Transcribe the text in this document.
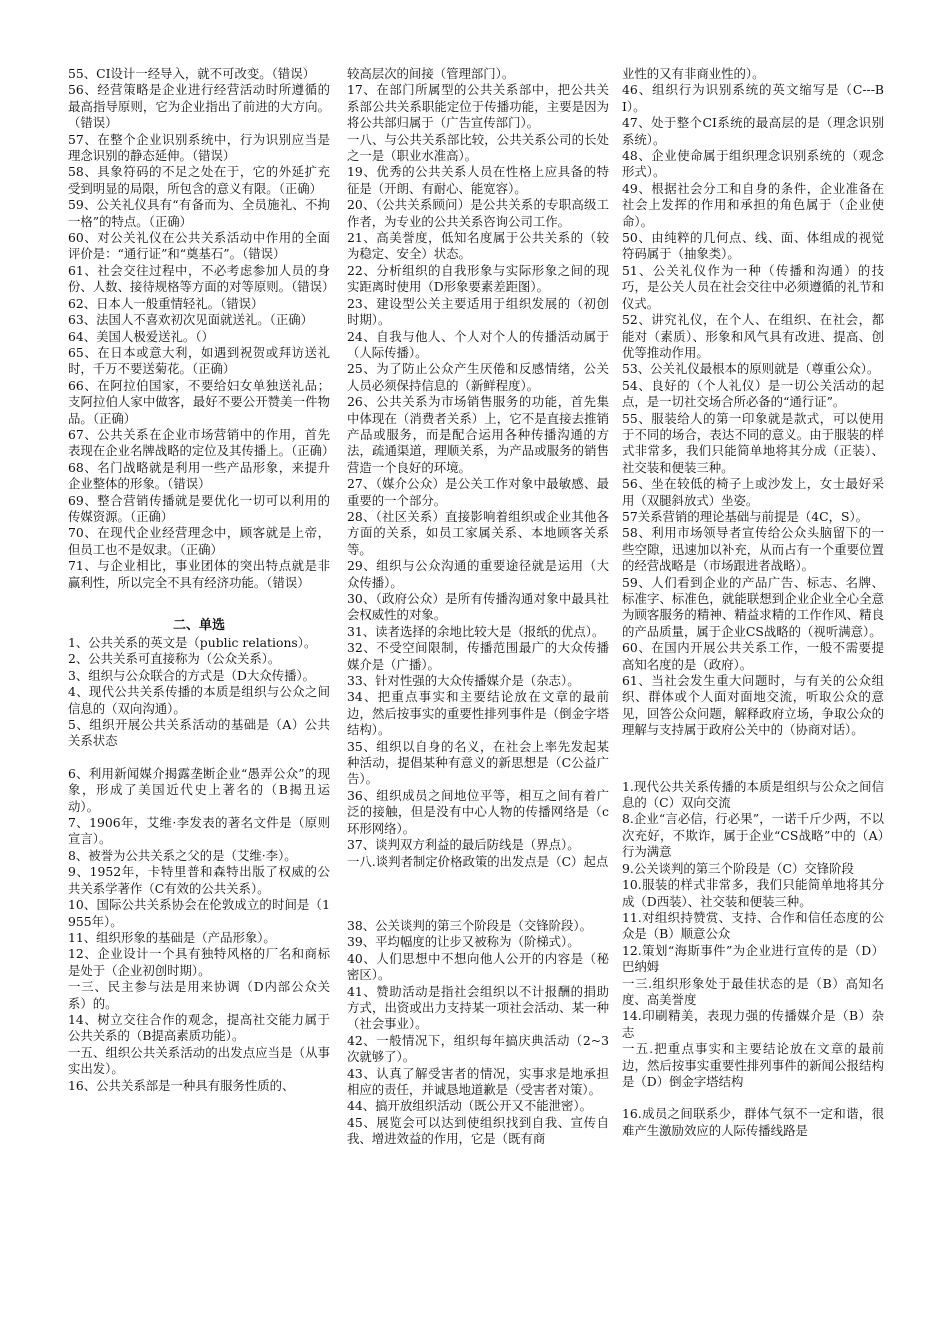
55、CI设计一经导入，就不可改变。（错误）

56、经营策略是企业进行经营活动时所遵循的最高指导原则，它为企业指出了前进的大方向。（错误）

57、在整个企业识别系统中，行为识别应当是理念识别的静态延伸。（错误）

58、具象符码的不足之处在于，它的外延扩充受到明显的局限，所包含的意义有限。（正确）

59、公关礼仪具有“有备而为、全员施礼、不拘一格”的特点。（正确）

60、对公关礼仪在公共关系活动中作用的全面评价是：“通行证”和“奠基石”。（错误）

61、社会交往过程中，不必考虑参加人员的身份、人数、接待规格等方面的对等原则。（错误）

62、日本人一般重情轻礼。（错误）

63、法国人不喜欢初次见面就送礼。（正确）

64、美国人极爱送礼。（）

65、在日本或意大利，如遇到祝贺或拜访送礼时，千万不要送菊花。（正确）

66、在阿拉伯国家，不要给妇女单独送礼品；支阿拉伯人家中做客，最好不要公开赞美一件物品。（正确）

67、公共关系在企业市场营销中的作用，首先表现在企业名牌战略的定位及其传播上。（正确）

68、名门战略就是利用一些产品形象，来提升企业整体的形象。（错误）

69、整合营销传播就是要优化一切可以利用的传媒资源。（正确）

70、在现代企业经营理念中，顾客就是上帝，但员工也不是奴隶。（正确）

71、与企业相比，事业团体的突出特点就是非赢利性，所以完全不具有经济功能。（错误）

二、单选

1、公共关系的英文是（public relations）。

2、公共关系可直接称为（公众关系）。

3、组织与公众联合的方式是（D大众传播）。

4、现代公共关系传播的本质是组织与公众之间信息的（双向沟通）。

5、组织开展公共关系活动的基础是（A）公共关系状态

6、利用新闻媒介揭露垄断企业“愚弄公众”的现象，形成了美国近代史上著名的（B揭丑运动）。

7、1906年，艾维·李发表的著名文件是（原则宣言）。

8、被誉为公共关系之父的是（艾维·李）。

9、1952年，卡特里普和森特出版了权威的公共关系学著作（C有效的公共关系）。

10、国际公共关系协会在伦敦成立的时间是（1955年）。

11、组织形象的基础是（产品形象）。

12、企业设计一个具有独特风格的厂名和商标是处于（企业初创时期）。

一三、民主参与法是用来协调（D内部公众关系）的。

14、树立交往合作的观念，提高社交能力属于公共关系的（B提高素质功能）。

一五、组织公共关系活动的出发点应当是（从事实出发）。

16、公共关系部是一种具有服务性质的、

较高层次的间接（管理部门）。

17、在部门所属型的公共关系部中，把公共关系部公共关系职能定位于传播功能，主要是因为将公共部归属于（广告宣传部门）。

一八、与公共关系部比较，公共关系公司的长处之一是（职业水准高）。

19、优秀的公共关系人员在性格上应具备的特征是（开朗、有耐心、能宽容）。

20、（公共关系顾问）是公共关系的专职高级工作者，为专业的公共关系咨询公司工作。

21、高美誉度，低知名度属于公共关系的（较为稳定、安全）状态。

22、分析组织的自我形象与实际形象之间的现实距离时使用（D形象要素差距图）。

23、建设型公关主要适用于组织发展的（初创时期）。

24、自我与他人、个人对个人的传播活动属于（人际传播）。

25、为了防止公众产生厌倦和反感情绪，公关人员必须保持信息的（新鲜程度）。

26、公共关系为市场销售服务的功能，首先集中体现在（消费者关系）上，它不是直接去推销产品或服务，而是配合运用各种传播沟通的方法，疏通渠道，理顺关系，为产品或服务的销售营造一个良好的环境。

27、（媒介公众）是公关工作对象中最敏感、最重要的一个部分。

28、（社区关系）直接影响着组织或企业其他各方面的关系，如员工家属关系、本地顾客关系等。

29、组织与公众沟通的重要途径就是运用（大众传播）。

30、（政府公众）是所有传播沟通对象中最具社会权威性的对象。

31、读者选择的余地比较大是（报纸的优点）。

32、不受空间限制，传播范围最广的大众传播媒介是（广播）。

33、针对性强的大众传播媒介是（杂志）。

34、把重点事实和主要结论放在文章的最前边，然后按事实的重要性排列事件是（倒金字塔结构）。

35、组织以自身的名义，在社会上率先发起某种活动，提倡某种有意义的新思想是（C公益广告）。

36、组织成员之间地位平等，相互之间有着广泛的接触，但是没有中心人物的传播网络是（c环形网络）。

37、谈判双方利益的最后防线是（界点）。

一八.谈判者制定价格政策的出发点是（C）起点

38、公关谈判的第三个阶段是（交锋阶段）。

39、平均幅度的让步又被称为（阶梯式）。

40、人们思想中不想向他人公开的内容是（秘密区）。

41、赞助活动是指社会组织以不计报酬的捐助方式，出资或出力支持某一项社会活动、某一种（社会事业）。

42、一般情况下，组织每年搞庆典活动（2~3次就够了）。

43、认真了解受害者的情况，实事求是地承担相应的责任，并诚恳地道歉是（受害者对策）。

44、搞开放组织活动（既公开又不能泄密）。

45、展览会可以达到使组织找到自我、宣传自我、增进效益的作用，它是（既有商

业性的又有非商业性的）。

46、组织行为识别系统的英文缩写是（C---BI）。

47、处于整个CI系统的最高层的是（理念识别系统）。

48、企业使命属于组织理念识别系统的（观念形式）。

49、根据社会分工和自身的条件，企业准备在社会上发挥的作用和承担的角色属于（企业使命）。

50、由纯粹的几何点、线、面、体组成的视觉符码属于（抽象类）。

51、公关礼仪作为一种（传播和沟通）的技巧，是公关人员在社会交往中必须遵循的礼节和仪式。

52、讲究礼仪，在个人、在组织、在社会，都能对（素质）、形象和风气具有改进、提高、创优等推动作用。

53、公关礼仪最根本的原则就是（尊重公众）。

54、良好的（个人礼仪）是一切公关活动的起点，是一切社交场合所必备的“通行证”。

55、服装给人的第一印象就是款式，可以使用于不同的场合，表达不同的意义。由于服装的样式非常多，我们只能简单地将其分成（正装）、社交装和便装三种。

56、坐在较低的椅子上或沙发上，女士最好采用（双腿斜放式）坐姿。

57关系营销的理论基础与前提是（4C，S）。

58、利用市场领导者宣传给公众头脑留下的一些空隙，迅速加以补充，从而占有一个重要位置的经营战略是（市场跟进者战略）。

59、人们看到企业的产品广告、标志、名牌、标准字、标准色，就能联想到企业企业全心全意为顾客服务的精神、精益求精的工作作风、精良的产品质量，属于企业CS战略的（视听满意）。

60、在国内开展公共关系工作，一般不需要提高知名度的是（政府）。

61、当社会发生重大问题时，与有关的公众组织、群体或个人面对面地交流，听取公众的意见，回答公众问题，解释政府立场，争取公众的理解与支持属于政府公关中的（协商对话）。

1.现代公共关系传播的本质是组织与公众之间信息的（C）双向交流

8.企业“言必信，行必果”，一诺千斤少两，不以次充好，不欺诈，属于企业“CS战略”中的（A）行为满意

9.公关谈判的第三个阶段是（C）交锋阶段

10.服装的样式非常多，我们只能简单地将其分成（D西装）、社交装和便装三种。

11.对组织持赞赏、支持、合作和信任态度的公众是（B）顺意公众

12.策划“海斯事件”为企业进行宣传的是（D）巴纳姆

一三.组织形象处于最佳状态的是（B）高知名度、高美誉度

14.印刷精美，表现力强的传播媒介是（B）杂志

一五.把重点事实和主要结论放在文章的最前边，然后按事实重要性排列事件的新闻公报结构是（D）倒金字塔结构

16.成员之间联系少，群体气氛不一定和谐，很难产生激励效应的人际传播线路是
